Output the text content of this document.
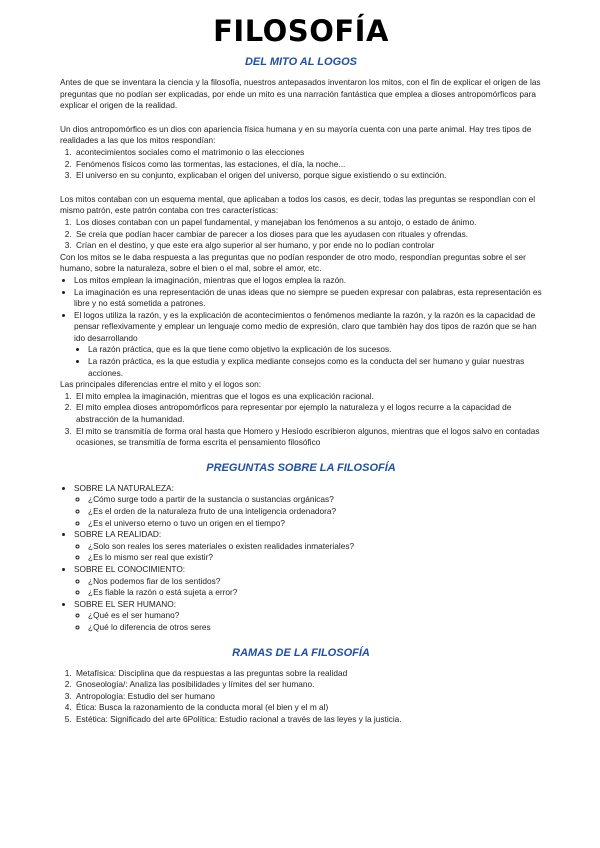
FILOSOFÍA
DEL MITO AL LOGOS

Antes de que se inventara la ciencia y la filosofía, nuestros antepasados inventaron los mitos, con el fin de explicar el origen de las preguntas que no podían ser explicadas, por ende un mito es una narración fantástica que emplea a dioses antropomórficos para explicar el origen de la realidad.

Un dios antropomórfico es un dios con apariencia física humana y en su mayoría cuenta con una parte animal. Hay tres tipos de realidades a las que los mitos respondían:

1. acontecimientos sociales como el matrimonio o las elecciones
2. Fenómenos físicos como las tormentas, las estaciones, el día, la noche...
3. El universo en su conjunto, explicaban el origen del universo, porque sigue existiendo o su extinción.

Los mitos contaban con un esquema mental, que aplicaban a todos los casos, es decir, todas las preguntas se respondían con el mismo patrón, este patrón contaba con tres características:

1. Los dioses contaban con un papel fundamental, y manejaban los fenómenos a su antojo, o estado de ánimo.
2. Se creía que podían hacer cambiar de parecer a los dioses para que les ayudasen con rituales y ofrendas.
3. Crían en el destino, y que este era algo superior al ser humano, y por ende no lo podían controlar

Con los mitos se le daba respuesta a las preguntas que no podían responder de otro modo, respondían preguntas sobre el ser humano, sobre la naturaleza, sobre el bien o el mal, sobre el amor, etc.

• Los mitos emplean la imaginación, mientras que el logos emplea la razón.
• La imaginación es una representación de unas ideas que no siempre se pueden expresar con palabras, esta representación es libre y no está sometida a patrones.
• El logos utiliza la razón, y es la explicación de acontecimientos o fenómenos mediante la razón, y la razón es la capacidad de pensar reflexivamente y emplear un lenguaje como medio de expresión, claro que también hay dos tipos de razón que se han ido desarrollando
• La razón práctica, que es la que tiene como objetivo la explicación de los sucesos.
• La razón práctica, es la que estudia y explica mediante consejos como es la conducta del ser humano y guiar nuestras acciones.

Las principales diferencias entre el mito y el logos son:

1. El mito emplea la imaginación, mientras que el logos es una explicación racional.
2. El mito emplea dioses antropomórficos para representar por ejemplo la naturaleza y el logos recurre a la capacidad de abstracción de la humanidad.
3. El mito se transmitía de forma oral hasta que Homero y Hesíodo escribieron algunos, mientras que el logos salvo en contadas ocasiones, se transmitía de forma escrita el pensamiento filosófico
PREGUNTAS SOBRE LA FILOSOFÍA
• SOBRE LA NATURALEZA:
◦ ¿Cómo surge todo a partir de la sustancia o sustancias orgánicas?
◦ ¿Es el orden de la naturaleza fruto de una inteligencia ordenadora?
◦ ¿Es el universo eterno o tuvo un origen en el tiempo?
• SOBRE LA REALIDAD:
◦ ¿Solo son reales los seres materiales o existen realidades inmateriales?
◦ ¿Es lo mismo ser real que existir?
• SOBRE EL CONOCIMIENTO:
◦ ¿Nos podemos fiar de los sentidos?
◦ ¿Es fiable la razón o está sujeta a error?
• SOBRE EL SER HUMANO:
◦ ¿Qué es el ser humano?
◦ ¿Qué lo diferencia de otros seres
RAMAS DE LA FILOSOFÍA
1. Metafísica: Disciplina que da respuestas a las preguntas sobre la realidad
2. Gnoseología/: Analiza las posibilidades y límites del ser humano.
3. Antropología: Estudio del ser humano
4. Ética: Busca la razonamiento de la conducta moral (el bien y el m al)
5. Estética: Significado del arte 6Política: Estudio racional a través de las leyes y la justicia.
